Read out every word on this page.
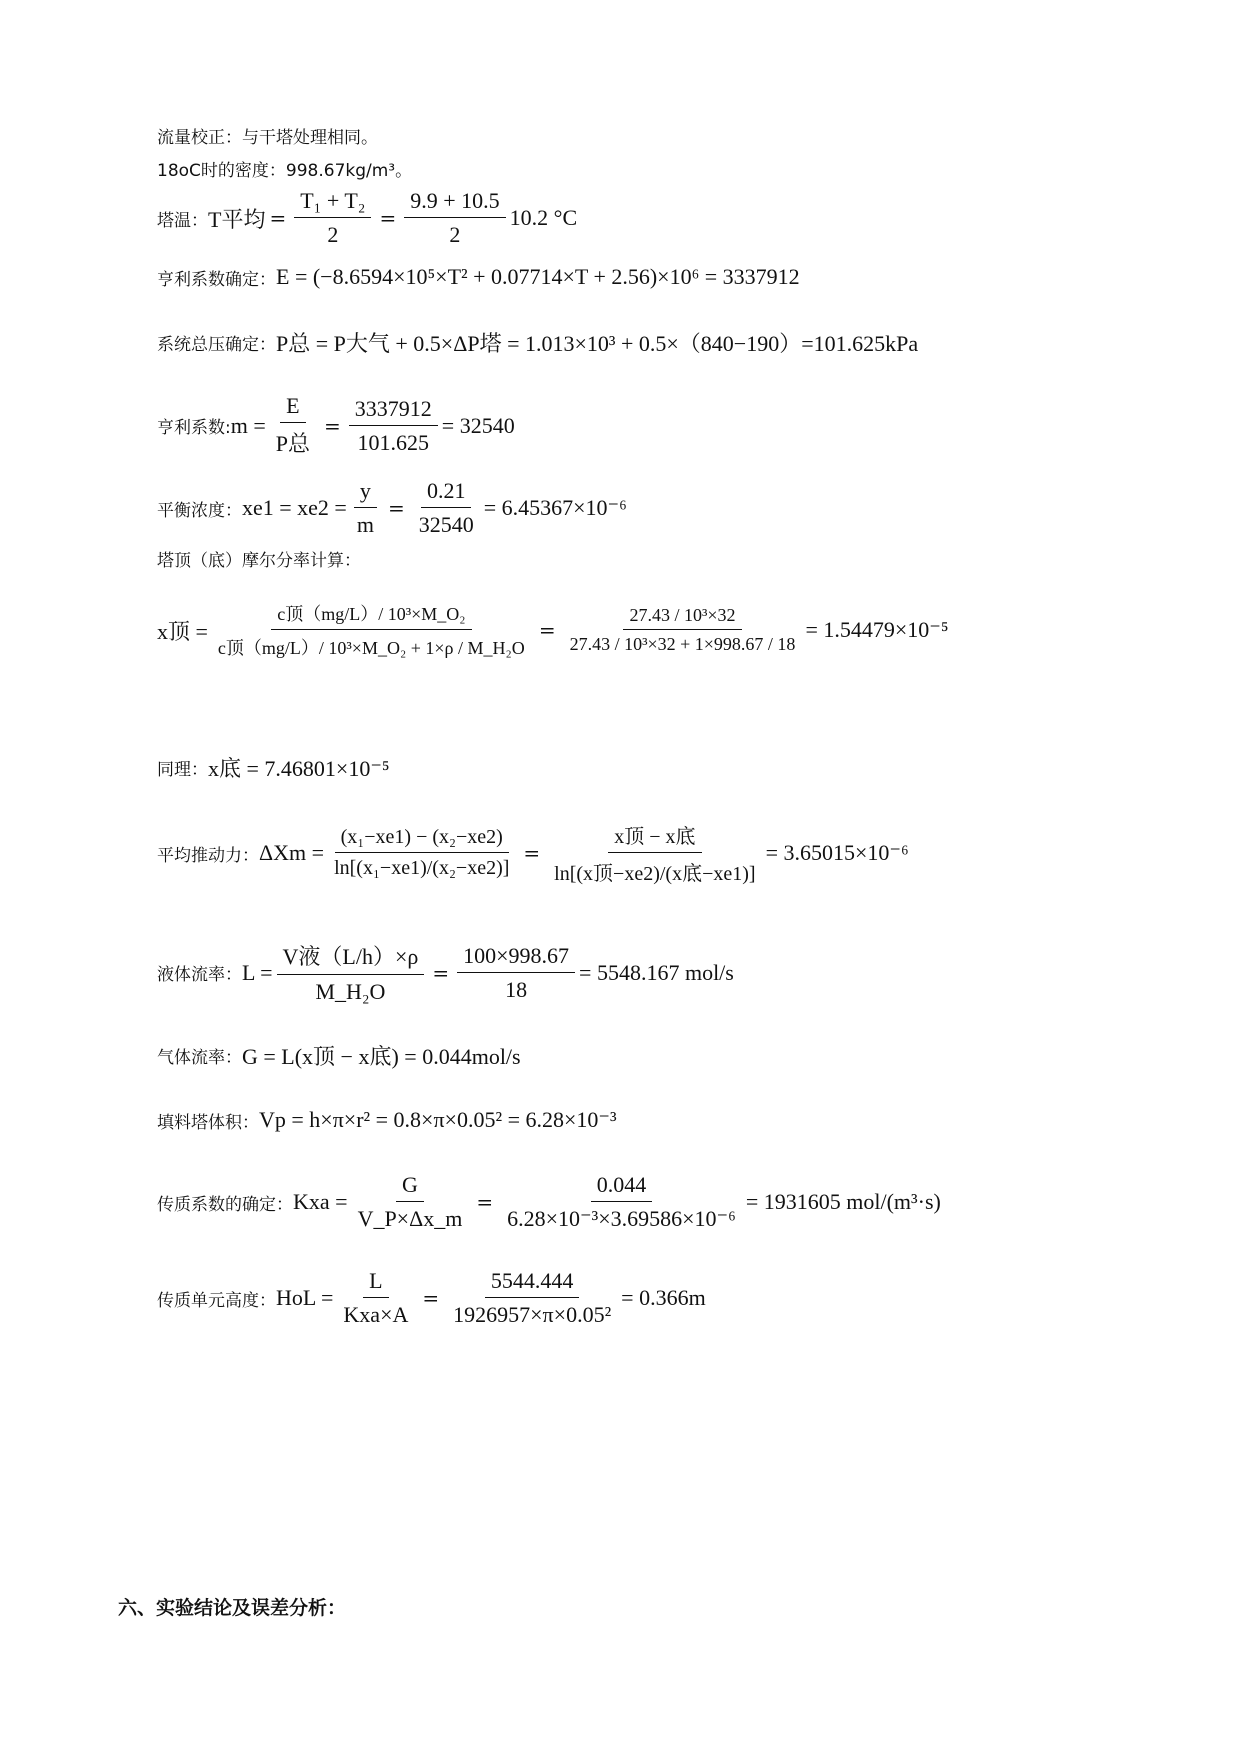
流量校正：与干塔处理相同。
18oC时的密度：998.67kg/m³。
塔温： T平均 = $\frac{\text{T₁ + T₂}}{2} = \frac{9.9 + 10.5}{2} 10.2$ °C
亨利系数确定： E = (−8.6594×10⁵×T² + 0.07714×T + 2.56)×10⁶ = 3337912
系统总压确定： P总 = P大气 + 0.5×ΔP塔 = 1.013×10³ + 0.5×（840−190）=101.625kPa
亨利系数: $m = \frac{E}{\text{P总}} = \frac{3337912}{101.625} = 32540$
平衡浓度： $xe1 = xe2 = \frac{y}{m} = \frac{0.21}{32540} = 6.45367\times 10^{-6}$
塔顶（底）摩尔分率计算：
x顶 = $\frac{\text{c顶（mg/L）/ 10³×M\_O₂}}{\text{c顶（mg/L）/ 10³×M\_O₂ + 1×ρ / M\_H₂O}} = \frac{\text{27.43 / 10³×32}}{\text{27.43 / 10³×32 + 1×998.67 / 18}} = 1.54479\times 10^{-5}$
同理： x底 = 7.46801×10⁻⁵
平均推动力： $\Delta Xm = \frac{\text{(x₁−xe1) − (x₂−xe2)}}{\text{ln[(x₁−xe1)/(x₂−xe2)]}} = \frac{\text{x顶 − x底}}{\text{ln[(x顶−xe2)/(x底−xe1)]}} = 3.65015\times 10^{-6}$
液体流率： $L = \frac{\text{V液（L/h）×ρ}}{\text{M\_H₂O}} = \frac{100\times 998.67}{18} = 5548.167$ mol/s
气体流率： G = L(x顶 − x底) = 0.044mol/s
填料塔体积： Vp = h×π×r² = 0.8×π×0.05² = 6.28×10⁻³
传质系数的确定： Kxa = $\frac{G}{V\_P\times\Delta x\_m} = \frac{0.044}{\text{6.28×10⁻³×3.69586×10⁻⁶}} = 1931605$ mol/(m³·s)
传质单元高度： HoL = $\frac{L}{\text{Kxa×A}} = \frac{5544.444}{\text{1926957×π×0.05²}} = 0.366m$
六、实验结论及误差分析：
